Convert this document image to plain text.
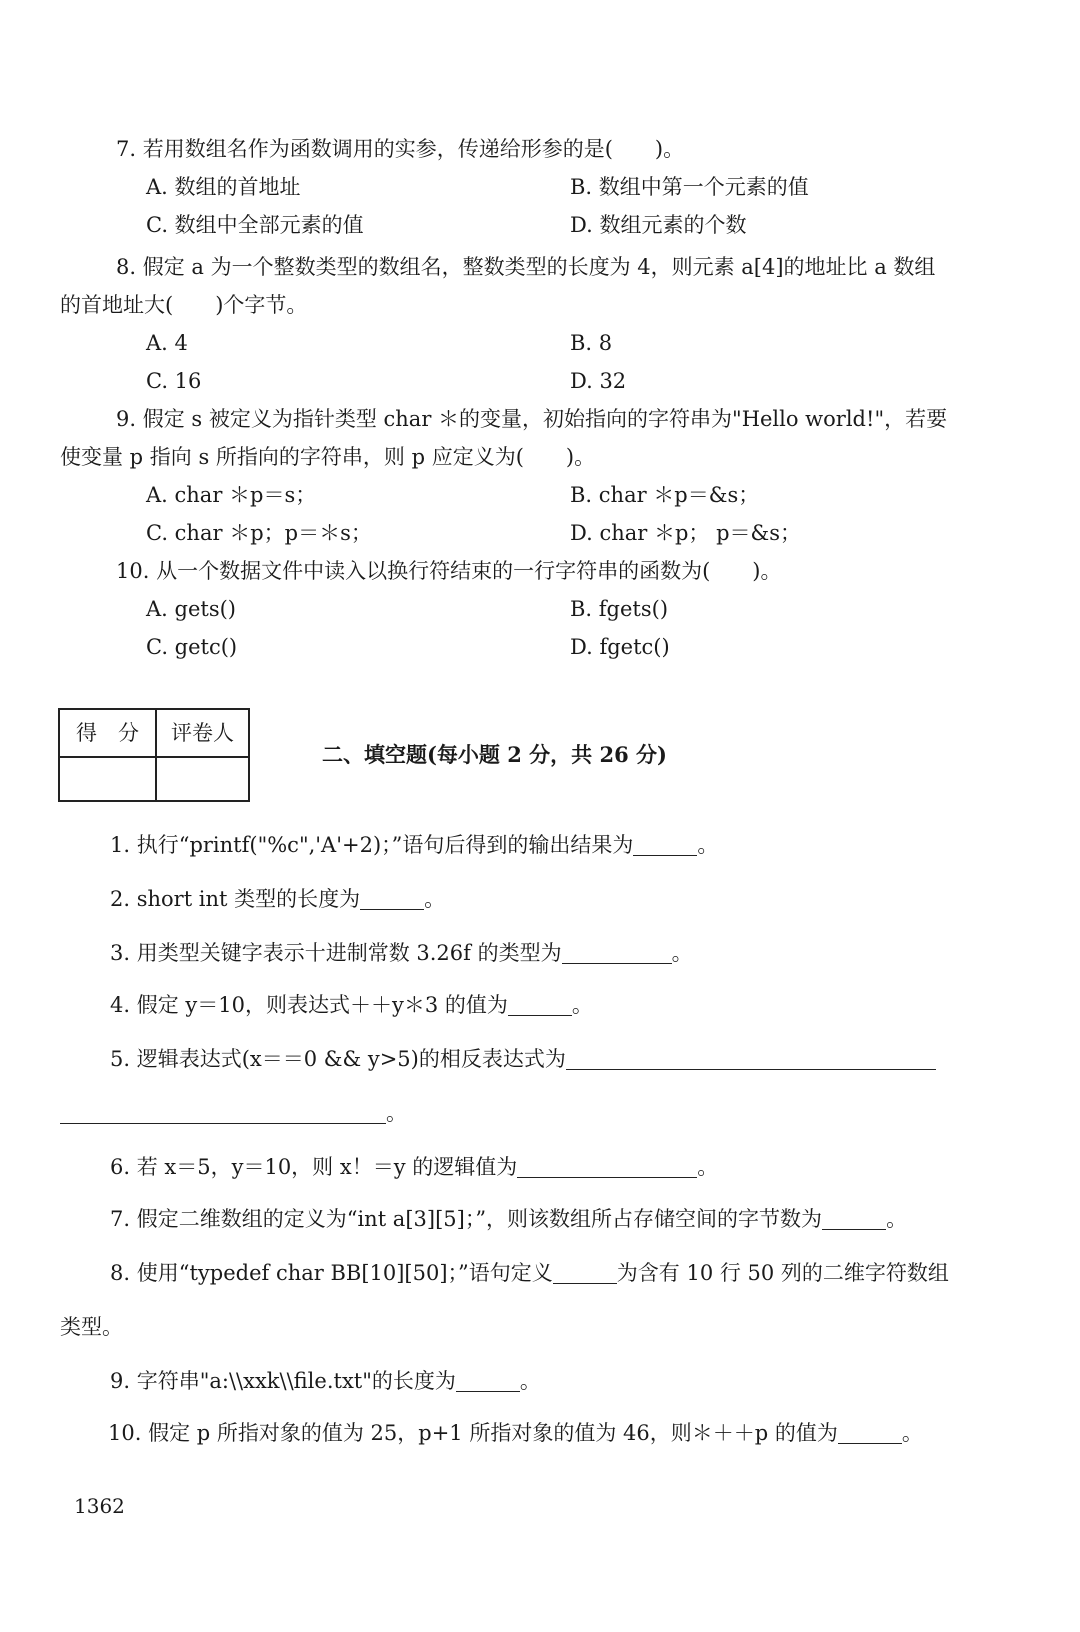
7. 若用数组名作为函数调用的实参，传递给形参的是(　　)。
A. 数组的首地址	B. 数组中第一个元素的值
C. 数组中全部元素的值	D. 数组元素的个数
8. 假定 a 为一个整数类型的数组名，整数类型的长度为 4，则元素 a[4]的地址比 a 数组
的首地址大(　　)个字节。
A. 4	B. 8
C. 16	D. 32
9. 假定 s 被定义为指针类型 char ＊的变量，初始指向的字符串为"Hello world!"，若要
使变量 p 指向 s 所指向的字符串，则 p 应定义为(　　)。
A. char ＊p＝s；	B. char ＊p＝&s；
C. char ＊p；p＝＊s；	D. char ＊p； p＝&s；
10. 从一个数据文件中读入以换行符结束的一行字符串的函数为(　　)。
A. gets()	B. fgets()
C. getc()	D. fgetc()
得　分	评卷人
二、填空题(每小题 2 分，共 26 分)
1. 执行“printf("%c",'A'+2)；”语句后得到的输出结果为	。
2. short int 类型的长度为	。
3. 用类型关键字表示十进制常数 3.26f 的类型为	。
4. 假定 y＝10，则表达式＋＋y＊3 的值为	。
5. 逻辑表达式(x＝＝0 && y>5)的相反表达式为
。
6. 若 x＝5，y＝10，则 x！＝y 的逻辑值为	。
7. 假定二维数组的定义为“int a[3][5]；”，则该数组所占存储空间的字节数为	。
8. 使用“typedef char BB[10][50]；”语句定义	为含有 10 行 50 列的二维字符数组
类型。
9. 字符串"a:\\xxk\\file.txt"的长度为	。
10. 假定 p 所指对象的值为 25，p+1 所指对象的值为 46，则＊＋＋p 的值为	。
1362
